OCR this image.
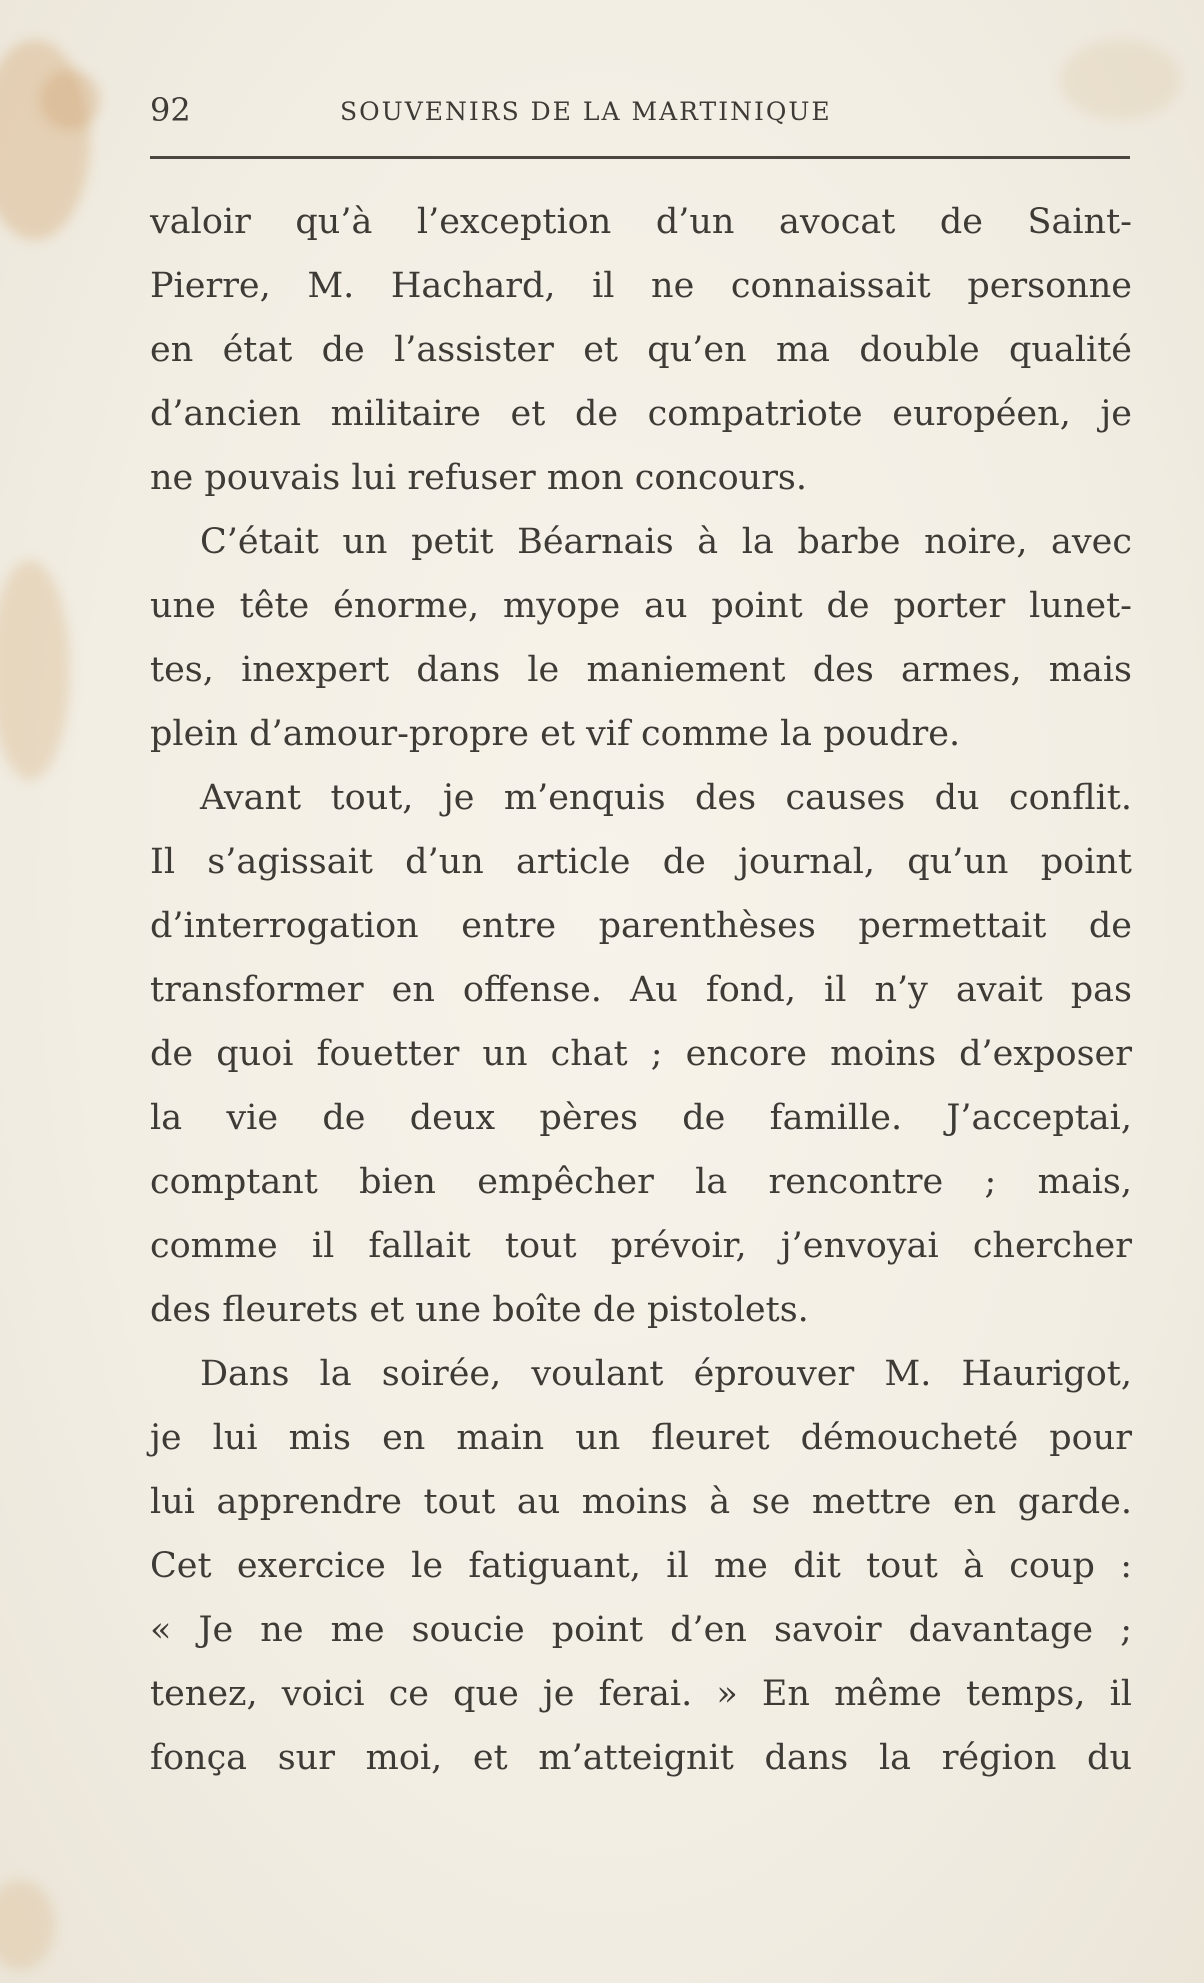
92	SOUVENIRS DE LA MARTINIQUE
valoir qu’à l’exception d’un avocat de Saint-
Pierre, M. Hachard, il ne connaissait personne
en état de l’assister et qu’en ma double qualité
d’ancien militaire et de compatriote européen, je
ne pouvais lui refuser mon concours.
C’était un petit Béarnais à la barbe noire, avec
une tête énorme, myope au point de porter lunet-
tes, inexpert dans le maniement des armes, mais
plein d’amour-propre et vif comme la poudre.
Avant tout, je m’enquis des causes du conflit.
Il s’agissait d’un article de journal, qu’un point
d’interrogation entre parenthèses permettait de
transformer en offense. Au fond, il n’y avait pas
de quoi fouetter un chat ; encore moins d’exposer
la vie de deux pères de famille. J’acceptai,
comptant bien empêcher la rencontre ; mais,
comme il fallait tout prévoir, j’envoyai chercher
des fleurets et une boîte de pistolets.
Dans la soirée, voulant éprouver M. Haurigot,
je lui mis en main un fleuret démoucheté pour
lui apprendre tout au moins à se mettre en garde.
Cet exercice le fatiguant, il me dit tout à coup :
« Je ne me soucie point d’en savoir davantage ;
tenez, voici ce que je ferai. » En même temps, il
fonça sur moi, et m’atteignit dans la région du
